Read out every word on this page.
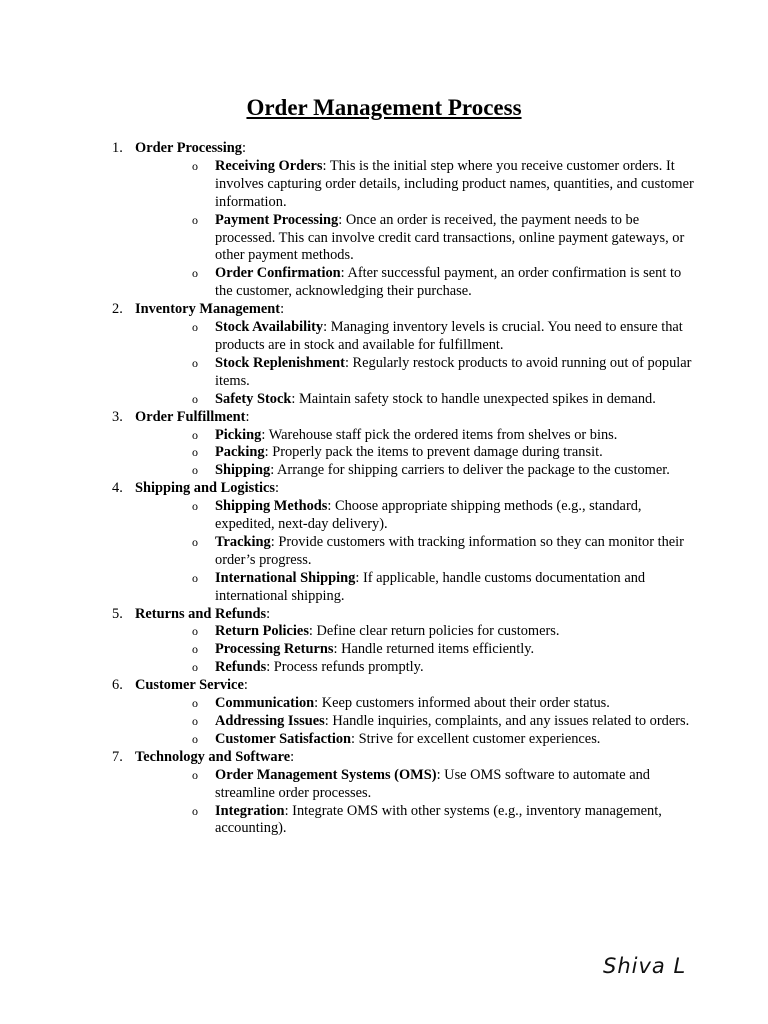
Order Management Process
1. Order Processing:
o Receiving Orders: This is the initial step where you receive customer orders. It involves capturing order details, including product names, quantities, and customer information.
o Payment Processing: Once an order is received, the payment needs to be processed. This can involve credit card transactions, online payment gateways, or other payment methods.
o Order Confirmation: After successful payment, an order confirmation is sent to the customer, acknowledging their purchase.
2. Inventory Management:
o Stock Availability: Managing inventory levels is crucial. You need to ensure that products are in stock and available for fulfillment.
o Stock Replenishment: Regularly restock products to avoid running out of popular items.
o Safety Stock: Maintain safety stock to handle unexpected spikes in demand.
3. Order Fulfillment:
o Picking: Warehouse staff pick the ordered items from shelves or bins.
o Packing: Properly pack the items to prevent damage during transit.
o Shipping: Arrange for shipping carriers to deliver the package to the customer.
4. Shipping and Logistics:
o Shipping Methods: Choose appropriate shipping methods (e.g., standard, expedited, next-day delivery).
o Tracking: Provide customers with tracking information so they can monitor their order’s progress.
o International Shipping: If applicable, handle customs documentation and international shipping.
5. Returns and Refunds:
o Return Policies: Define clear return policies for customers.
o Processing Returns: Handle returned items efficiently.
o Refunds: Process refunds promptly.
6. Customer Service:
o Communication: Keep customers informed about their order status.
o Addressing Issues: Handle inquiries, complaints, and any issues related to orders.
o Customer Satisfaction: Strive for excellent customer experiences.
7. Technology and Software:
o Order Management Systems (OMS): Use OMS software to automate and streamline order processes.
o Integration: Integrate OMS with other systems (e.g., inventory management, accounting).
Shiva L
